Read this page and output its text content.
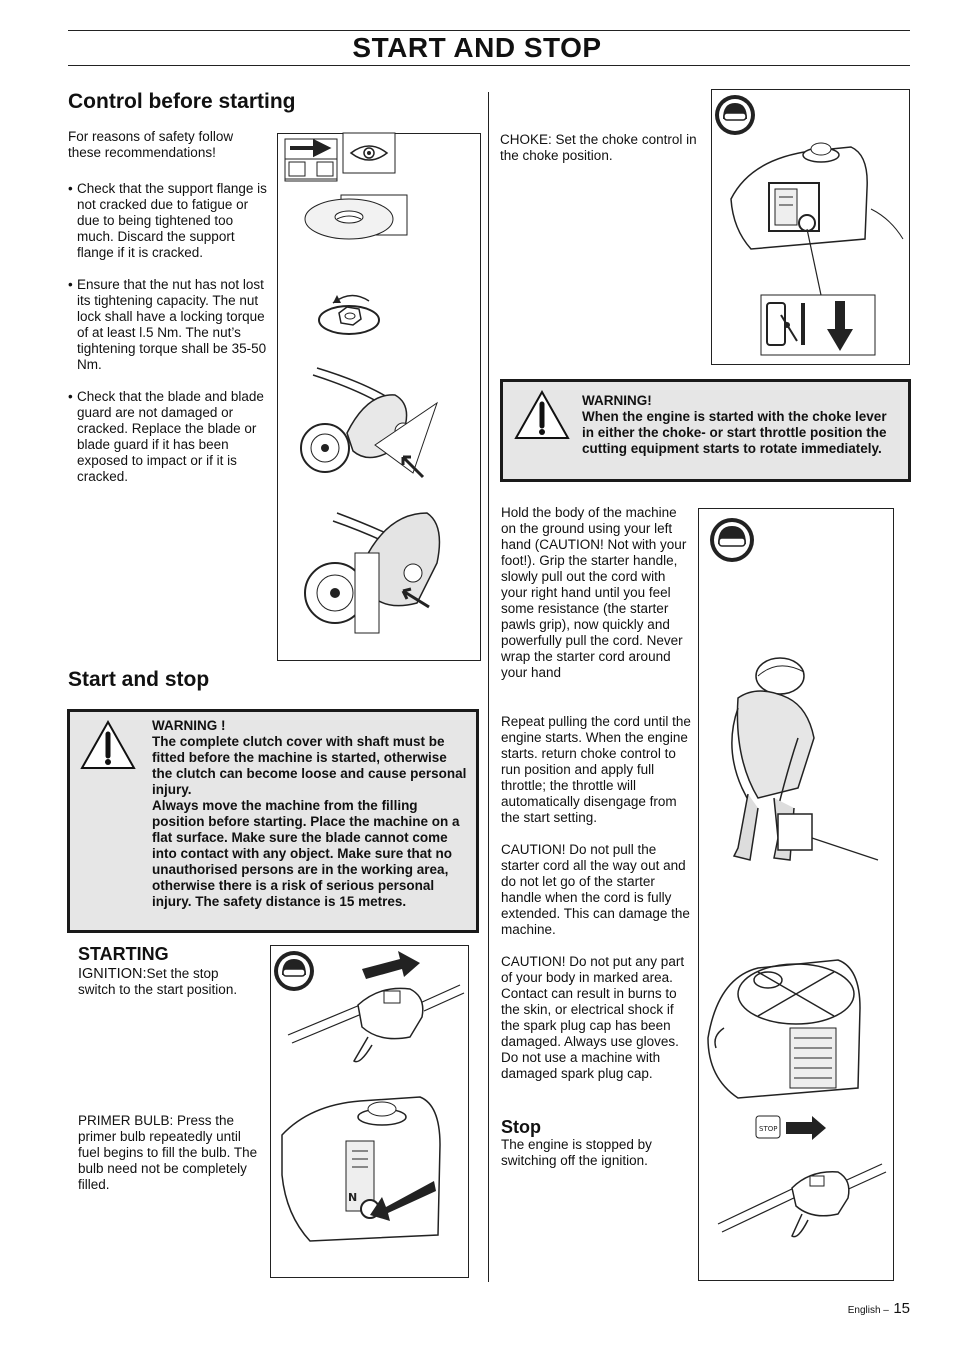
START AND STOP
Control before starting
For reasons of safety follow these recommendations!
• Check that the support flange is not cracked due to fatigue or due to being tightened too much. Discard the support flange if it is cracked.
• Ensure that the nut has not lost its tightening capacity. The nut lock shall have a locking torque of at least l.5 Nm. The nut’s tightening torque shall be 35-50 Nm.
• Check that the blade and blade guard are not damaged or cracked. Replace the blade or blade guard if it has been exposed to impact or if it is cracked.
Start and stop
WARNING !
The complete clutch cover with shaft must be fitted before the machine is started, otherwise the clutch can become loose and cause personal injury.
Always move the machine from the filling position before starting. Place the machine on a flat surface. Make sure the blade cannot come into contact with any object. Make sure that no unauthorised persons are in the working area, otherwise there is a risk of serious personal injury. The safety distance is 15 metres.
STARTING
IGNITION:Set the stop switch to the start position.
PRIMER BULB: Press the primer bulb repeatedly until fuel begins to fill the bulb. The bulb need not be completely filled.
N
CHOKE: Set the choke control in the choke position.
WARNING!
When the engine is started with the choke lever in either the choke- or start throttle position the cutting equipment starts to rotate immediately.
Hold the body of the machine on the ground using your left hand (CAUTION! Not with your foot!). Grip the starter handle, slowly pull out the cord with your right hand until you feel some resistance (the starter pawls grip), now quickly and powerfully pull the cord. Never wrap the starter cord around your hand
Repeat pulling the cord until the engine starts. When the engine starts. return choke control to run position and apply full throttle; the throttle will automatically disengage from the start setting.
CAUTION! Do not pull the starter cord all the way out and do not let go of the starter handle when the cord is fully extended. This can damage the machine.
CAUTION! Do not put any part of your body in marked area. Contact can result in burns to the skin, or electrical shock if the spark plug cap has been damaged. Always use gloves. Do not use a machine with damaged spark plug cap.
Stop
The engine is stopped by switching off the ignition.
STOP
English – 15
